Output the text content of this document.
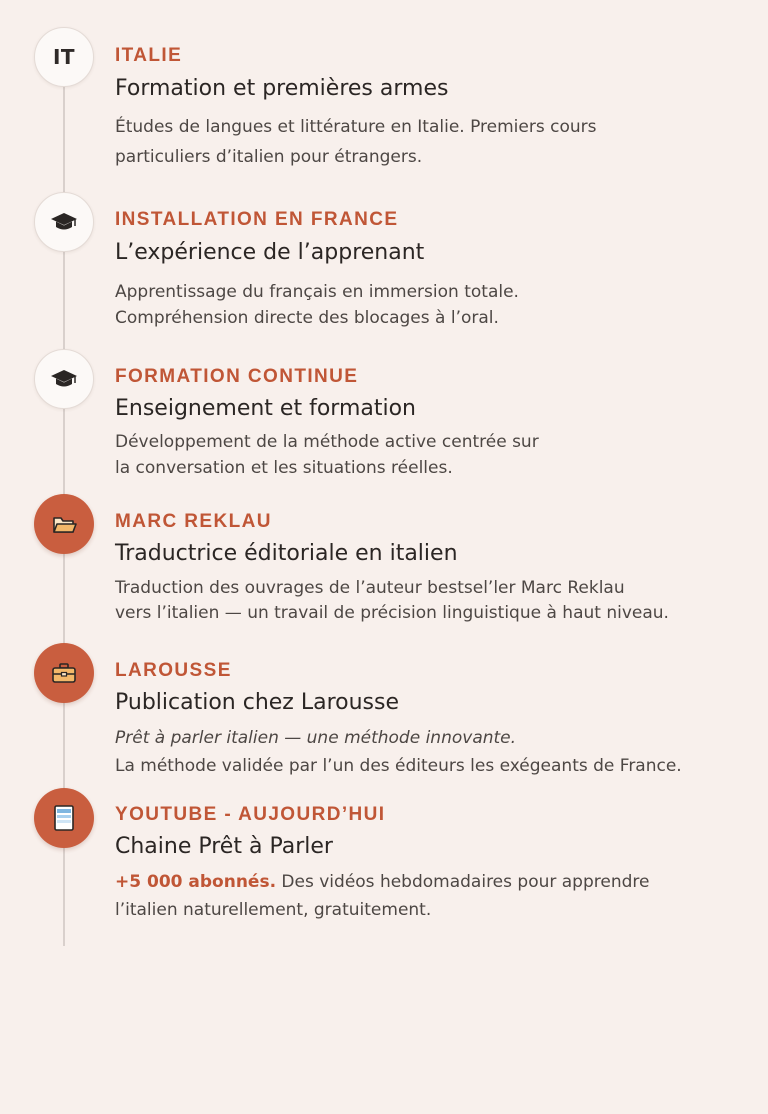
IT ITALIE
Formation et premières armes

Études de langues et littérature en Italie. Premiers cours

particuliers d’italien pour étrangers.

INSTALLATION EN FRANCE
L’expérience de l’apprenant

Apprentissage du français en immersion totale.

Compréhension directe des blocages à l’oral.

FORMATION CONTINUE
Enseignement et formation

Développement de la méthode active centrée sur

la conversation et les situations réelles.

MARC REKLAU
Traductrice éditoriale en italien

Traduction des ouvrages de l’auteur bestsel’ler Marc Reklau

vers l’italien — un travail de précision linguistique à haut niveau.

LAROUSSE
Publication chez Larousse

Prêt à parler italien — une méthode innovante.

La méthode validée par l’un des éditeurs les exégeants de France.

YOUTUBE - AUJOURD’HUI
Chaine Prêt à Parler

+5 000 abonnés. Des vidéos hebdomadaires pour apprendre

l’italien naturellement, gratuitement.
